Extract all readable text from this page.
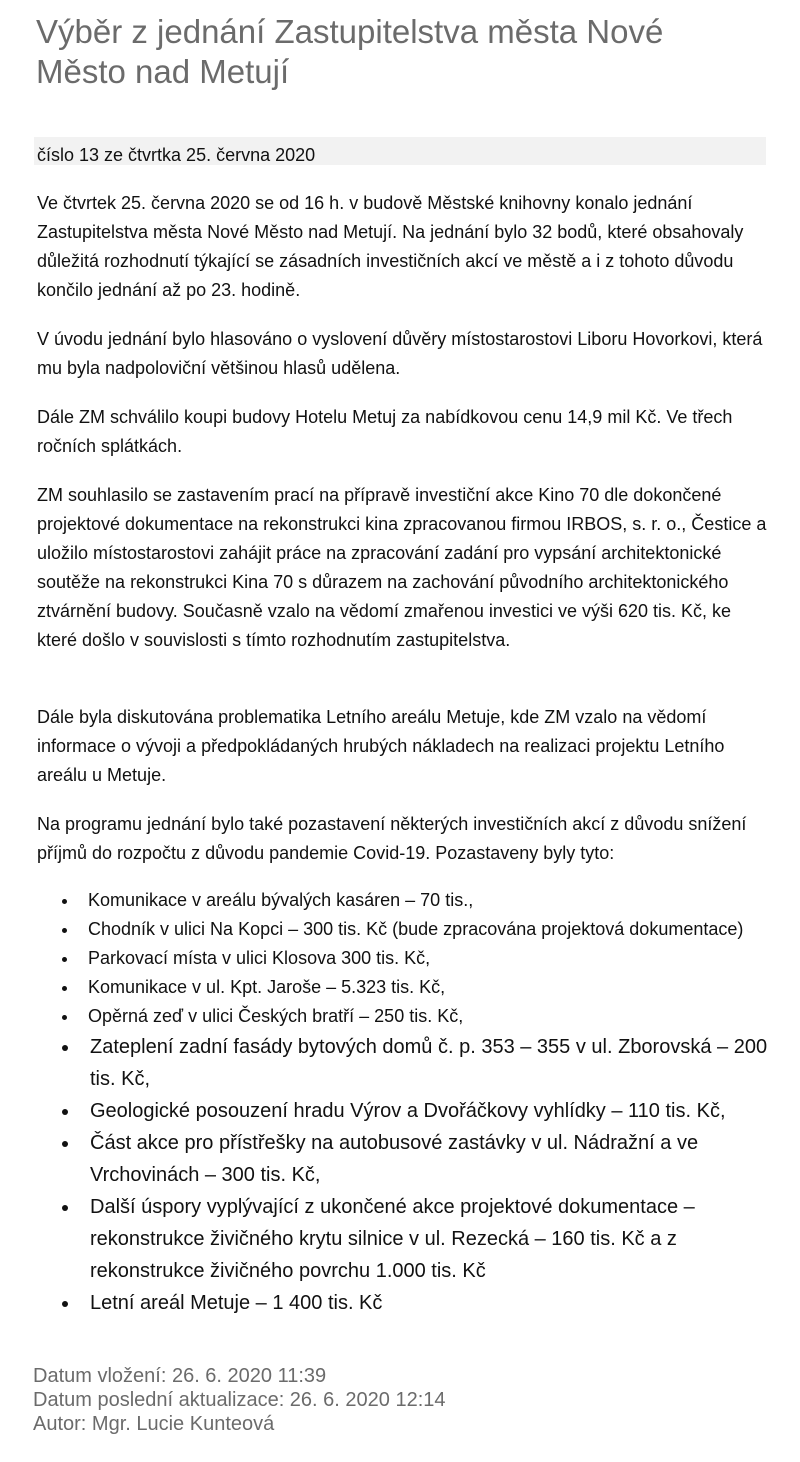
Výběr z jednání Zastupitelstva města Nové Město nad Metují
číslo 13 ze čtvrtka 25. června 2020

Ve čtvrtek 25. června 2020 se od 16 h. v budově Městské knihovny konalo jednání Zastupitelstva města Nové Město nad Metují. Na jednání bylo 32 bodů, které obsahovaly důležitá rozhodnutí týkající se zásadních investičních akcí ve městě a i z tohoto důvodu končilo jednání až po 23. hodině.

V úvodu jednání bylo hlasováno o vyslovení důvěry místostarostovi Liboru Hovorkovi, která mu byla nadpoloviční většinou hlasů udělena.

Dále ZM schválilo koupi budovy Hotelu Metuj za nabídkovou cenu 14,9 mil Kč. Ve třech ročních splátkách.

ZM souhlasilo se zastavením prací na přípravě investiční akce Kino 70 dle dokončené projektové dokumentace na rekonstrukci kina zpracovanou firmou IRBOS, s. r. o., Čestice a uložilo místostarostovi zahájit práce na zpracování zadání pro vypsání architektonické soutěže na rekonstrukci Kina 70 s důrazem na zachování původního architektonického ztvárnění budovy. Současně vzalo na vědomí zmařenou investici ve výši 620 tis. Kč, ke které došlo v souvislosti s tímto rozhodnutím zastupitelstva.

Dále byla diskutována problematika Letního areálu Metuje, kde ZM vzalo na vědomí informace o vývoji a předpokládaných hrubých nákladech na realizaci projektu Letního areálu u Metuje.

Na programu jednání bylo také pozastavení některých investičních akcí z důvodu snížení příjmů do rozpočtu z důvodu pandemie Covid-19. Pozastaveny byly tyto:

Komunikace v areálu bývalých kasáren – 70 tis.,
Chodník v ulici Na Kopci – 300 tis. Kč (bude zpracována projektová dokumentace)
Parkovací místa v ulici Klosova 300 tis. Kč,
Komunikace v ul. Kpt. Jaroše – 5.323 tis. Kč,
Opěrná zeď v ulici Českých bratří – 250 tis. Kč,
Zateplení zadní fasády bytových domů č. p. 353 – 355 v ul. Zborovská – 200 tis. Kč,
Geologické posouzení hradu Výrov a Dvořáčkovy vyhlídky – 110 tis. Kč,
Část akce pro přístřešky na autobusové zastávky v ul. Nádražní a ve Vrchovinách – 300 tis. Kč,
Další úspory vyplývající z ukončené akce projektové dokumentace – rekonstrukce živičného krytu silnice v ul. Rezecká – 160 tis. Kč a z rekonstrukce živičného povrchu 1.000 tis. Kč
Letní areál Metuje – 1 400 tis. Kč
Datum vložení: 26. 6. 2020 11:39
Datum poslední aktualizace: 26. 6. 2020 12:14
Autor: Mgr. Lucie Kunteová
